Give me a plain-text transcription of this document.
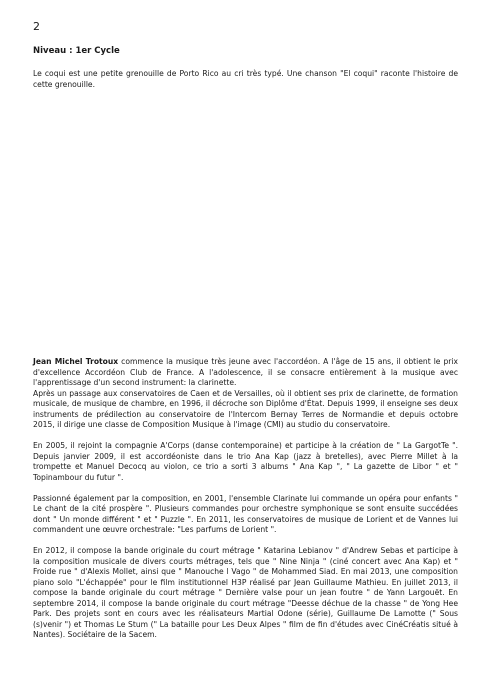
2
Niveau : 1er Cycle

Le coqui est une petite grenouille de Porto Rico au cri très typé. Une chanson "El coqui" raconte l'histoire de cette grenouille.

Jean Michel Trotoux commence la musique très jeune avec l'accordéon. A l'âge de 15 ans, il obtient le prix d'excellence Accordéon Club de France. A l'adolescence, il se consacre entièrement à la musique avec l'apprentissage d'un second instrument: la clarinette.

Après un passage aux conservatoires de Caen et de Versailles, où il obtient ses prix de clarinette, de formation musicale, de musique de chambre, en 1996, il décroche son Diplôme d'État. Depuis 1999, il enseigne ses deux instruments de prédilection au conservatoire de l'Intercom Bernay Terres de Normandie et depuis octobre 2015, il dirige une classe de Composition Musique à l'image (CMI) au studio du conservatoire.

En 2005, il rejoint la compagnie A'Corps (danse contemporaine) et participe à la création de " La GargotTe ". Depuis janvier 2009, il est accordéoniste dans le trio Ana Kap (jazz à bretelles), avec Pierre Millet à la trompette et Manuel Decocq au violon, ce trio a sorti 3 albums " Ana Kap ", " La gazette de Libor " et " Topinambour du futur ".

Passionné également par la composition, en 2001, l'ensemble Clarinate lui commande un opéra pour enfants " Le chant de la cité prospère ". Plusieurs commandes pour orchestre symphonique se sont ensuite succédées dont " Un monde différent " et " Puzzle ". En 2011, les conservatoires de musique de Lorient et de Vannes lui commandent une œuvre orchestrale: "Les parfums de Lorient ".

En 2012, il compose la bande originale du court métrage " Katarina Lebianov " d'Andrew Sebas et participe à la composition musicale de divers courts métrages, tels que " Nine Ninja " (ciné concert avec Ana Kap) et " Froide rue " d'Alexis Mollet, ainsi que " Manouche l Vago " de Mohammed Siad. En mai 2013, une composition piano solo "L'échappée" pour le film institutionnel H3P réalisé par Jean Guillaume Mathieu. En juillet 2013, il compose la bande originale du court métrage " Dernière valse pour un jean foutre " de Yann Largouët. En septembre 2014, il compose la bande originale du court métrage "Deesse déchue de la chasse " de Yong Hee Park. Des projets sont en cours avec les réalisateurs Martial Odone (série), Guillaume De Lamotte (" Sous (s)venir ") et Thomas Le Stum (" La bataille pour Les Deux Alpes " film de fin d'études avec CinéCréatis situé à Nantes). Sociétaire de la Sacem.
